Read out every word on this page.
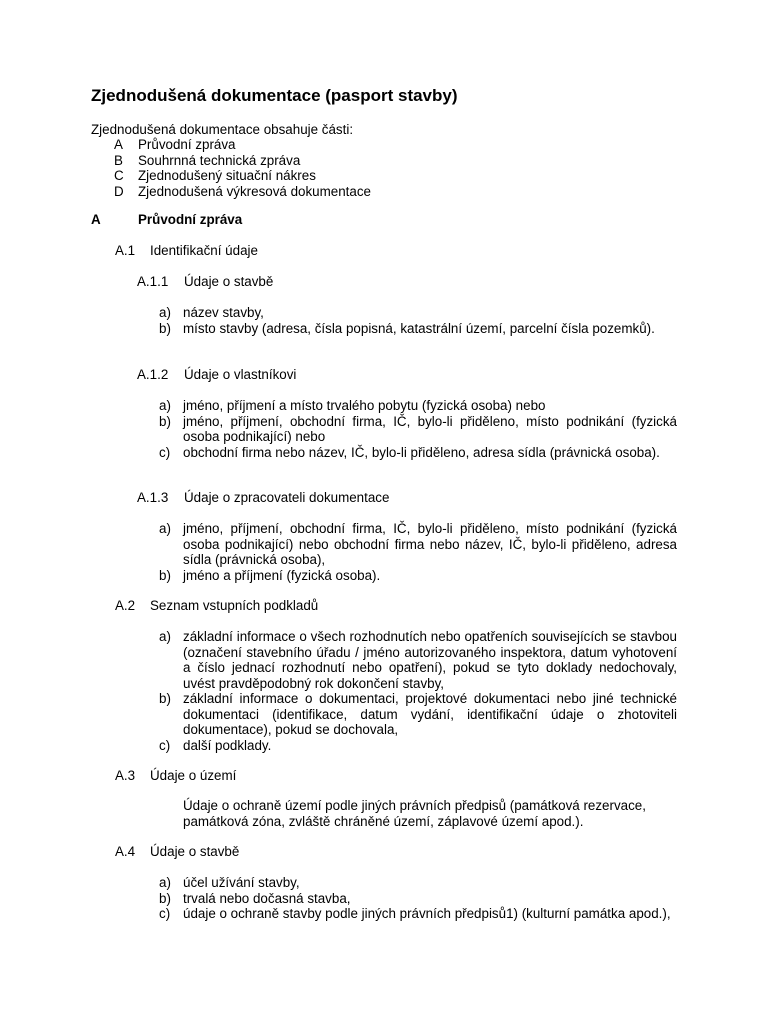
Zjednodušená dokumentace (pasport stavby)
Zjednodušená dokumentace obsahuje části:
A Průvodní zpráva
B Souhrnná technická zpráva
C Zjednodušený situační nákres
D Zjednodušená výkresová dokumentace
A	Průvodní zpráva
A.1 Identifikační údaje
A.1.1 Údaje o stavbě
a) název stavby,
b) místo stavby (adresa, čísla popisná, katastrální území, parcelní čísla pozemků).
A.1.2 Údaje o vlastníkovi
a) jméno, příjmení a místo trvalého pobytu (fyzická osoba) nebo
b) jméno, příjmení, obchodní firma, IČ, bylo-li přiděleno, místo podnikání (fyzická osoba podnikající) nebo
c) obchodní firma nebo název, IČ, bylo-li přiděleno, adresa sídla (právnická osoba).
A.1.3 Údaje o zpracovateli dokumentace
a) jméno, příjmení, obchodní firma, IČ, bylo-li přiděleno, místo podnikání (fyzická osoba podnikající) nebo obchodní firma nebo název, IČ, bylo-li přiděleno, adresa sídla (právnická osoba),
b) jméno a příjmení (fyzická osoba).
A.2 Seznam vstupních podkladů
a) základní informace o všech rozhodnutích nebo opatřeních souvisejících se stavbou (označení stavebního úřadu / jméno autorizovaného inspektora, datum vyhotovení a číslo jednací rozhodnutí nebo opatření), pokud se tyto doklady nedochovaly, uvést pravděpodobný rok dokončení stavby,
b) základní informace o dokumentaci, projektové dokumentaci nebo jiné technické dokumentaci (identifikace, datum vydání, identifikační údaje o zhotoviteli dokumentace), pokud se dochovala,
c) další podklady.
A.3 Údaje o území

Údaje o ochraně území podle jiných právních předpisů (památková rezervace, památková zóna, zvláště chráněné území, záplavové území apod.).

A.4 Údaje o stavbě
a) účel užívání stavby,
b) trvalá nebo dočasná stavba,
c) údaje o ochraně stavby podle jiných právních předpisů1) (kulturní památka apod.),
